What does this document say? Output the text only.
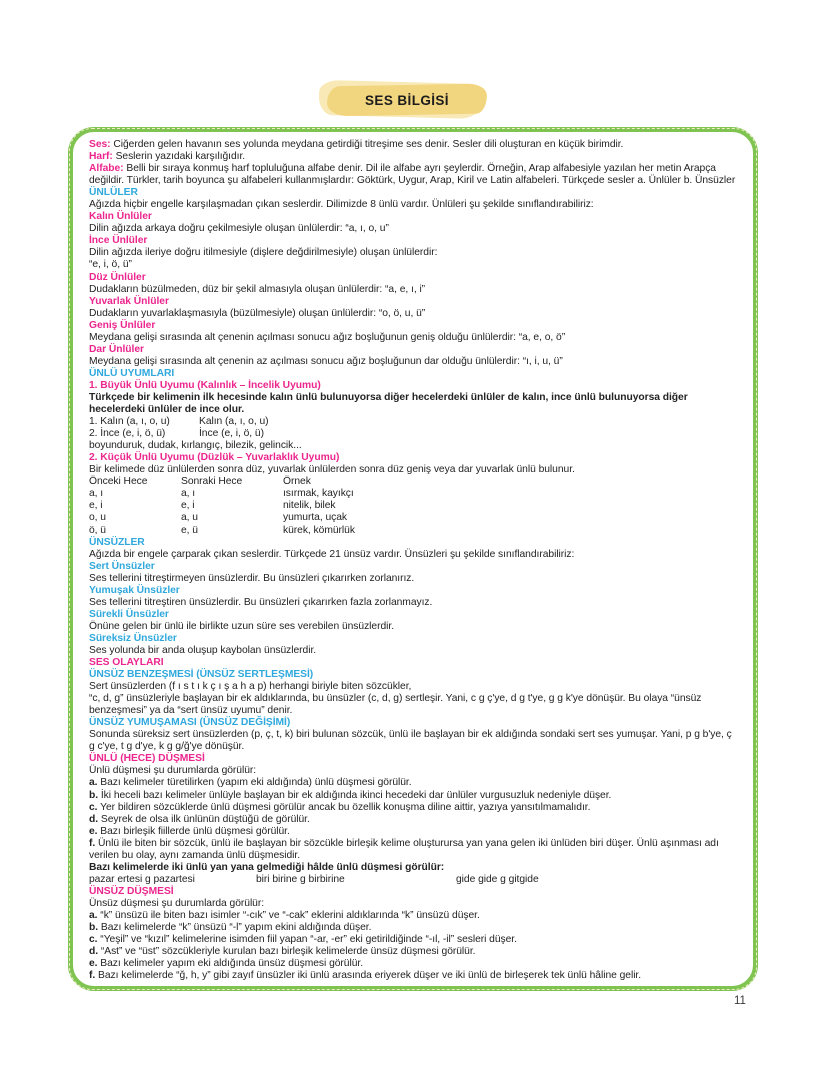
SES BİLGİSİ
Ses: Ciğerden gelen havanın ses yolunda meydana getirdiği titreşime ses denir. Sesler dili oluşturan en küçük birimdir.
Harf: Seslerin yazıdaki karşılığıdır.
Alfabe: Belli bir sıraya konmuş harf topluluğuna alfabe denir. Dil ile alfabe ayrı şeylerdir. Örneğin, Arap alfabesiyle yazılan her metin Arapça değildir. Türkler, tarih boyunca şu alfabeleri kullanmışlardır: Göktürk, Uygur, Arap, Kiril ve Latin alfabeleri. Türkçede sesler a. Ünlüler b. Ünsüzler
ÜNLÜLER
Ağızda hiçbir engelle karşılaşmadan çıkan seslerdir. Dilimizde 8 ünlü vardır. Ünlüleri şu şekilde sınıflandırabiliriz:
Kalın Ünlüler
Dilin ağızda arkaya doğru çekilmesiyle oluşan ünlülerdir: “a, ı, o, u”
İnce Ünlüler
Dilin ağızda ileriye doğru itilmesiyle (dişlere değdirilmesiyle) oluşan ünlülerdir:
“e, i, ö, ü”
Düz Ünlüler
Dudakların büzülmeden, düz bir şekil almasıyla oluşan ünlülerdir: “a, e, ı, i”
Yuvarlak Ünlüler
Dudakların yuvarlaklaşmasıyla (büzülmesiyle) oluşan ünlülerdir: “o, ö, u, ü”
Geniş Ünlüler
Meydana gelişi sırasında alt çenenin açılması sonucu ağız boşluğunun geniş olduğu ünlülerdir: “a, e, o, ö”
Dar Ünlüler
Meydana gelişi sırasında alt çenenin az açılması sonucu ağız boşluğunun dar olduğu ünlülerdir: “ı, i, u, ü”
ÜNLÜ UYUMLARI
1. Büyük Ünlü Uyumu (Kalınlık – İncelik Uyumu)
Türkçede bir kelimenin ilk hecesinde kalın ünlü bulunuyorsa diğer hecelerdeki ünlüler de kalın, ince ünlü bulunuyorsa diğer hecelerdeki ünlüler de ince olur.
1. Kalın (a, ı, o, u)	Kalın (a, ı, o, u)
2. İnce (e, i, ö, ü)	İnce (e, i, ö, ü)
boyunduruk, dudak, kırlangıç, bilezik, gelincik...
2. Küçük Ünlü Uyumu (Düzlük – Yuvarlaklık Uyumu)
Bir kelimede düz ünlülerden sonra düz, yuvarlak ünlülerden sonra düz geniş veya dar yuvarlak ünlü bulunur.
Önceki Hece	Sonraki Hece	Örnek
a, ı	a, ı	ısırmak, kayıkçı
e, i	e, i	nitelik, bilek
o, u	a, u	yumurta, uçak
ö, ü	e, ü	kürek, kömürlük
ÜNSÜZLER
Ağızda bir engele çarparak çıkan seslerdir. Türkçede 21 ünsüz vardır. Ünsüzleri şu şekilde sınıflandırabiliriz:
Sert Ünsüzler
Ses tellerini titreştirmeyen ünsüzlerdir. Bu ünsüzleri çıkarırken zorlanırız.
Yumuşak Ünsüzler
Ses tellerini titreştiren ünsüzlerdir. Bu ünsüzleri çıkarırken fazla zorlanmayız.
Sürekli Ünsüzler
Önüne gelen bir ünlü ile birlikte uzun süre ses verebilen ünsüzlerdir.
Süreksiz Ünsüzler
Ses yolunda bir anda oluşup kaybolan ünsüzlerdir.
SES OLAYLARI
ÜNSÜZ BENZEŞMESİ (ÜNSÜZ SERTLEŞMESİ)
Sert ünsüzlerden (f ı s t ı k ç ı ş a h a p) herhangi biriyle biten sözcükler,
“c, d, g” ünsüzleriyle başlayan bir ek aldıklarında, bu ünsüzler (c, d, g) sertleşir. Yani, c g ç'ye, d g t'ye, g g k'ye dönüşür. Bu olaya “ünsüz benzeşmesi” ya da “sert ünsüz uyumu” denir.
ÜNSÜZ YUMUŞAMASI (ÜNSÜZ DEĞİŞİMİ)
Sonunda süreksiz sert ünsüzlerden (p, ç, t, k) biri bulunan sözcük, ünlü ile başlayan bir ek aldığında sondaki sert ses yumuşar. Yani, p g b'ye, ç g c'ye, t g d'ye, k g g/ğ'ye dönüşür.
ÜNLÜ (HECE) DÜŞMESİ
Ünlü düşmesi şu durumlarda görülür:
a. Bazı kelimeler türetilirken (yapım eki aldığında) ünlü düşmesi görülür.
b. İki heceli bazı kelimeler ünlüyle başlayan bir ek aldığında ikinci hecedeki dar ünlüler vurgusuzluk nedeniyle düşer.
c. Yer bildiren sözcüklerde ünlü düşmesi görülür ancak bu özellik konuşma diline aittir, yazıya yansıtılmamalıdır.
d. Seyrek de olsa ilk ünlünün düştüğü de görülür.
e. Bazı birleşik fiillerde ünlü düşmesi görülür.
f. Ünlü ile biten bir sözcük, ünlü ile başlayan bir sözcükle birleşik kelime oluşturursa yan yana gelen iki ünlüden biri düşer. Ünlü aşınması adı verilen bu olay, aynı zamanda ünlü düşmesidir.
Bazı kelimelerde iki ünlü yan yana gelmediği hâlde ünlü düşmesi görülür:
pazar ertesi g pazartesi	biri birine g birbirine	gide gide g gitgide
ÜNSÜZ DÜŞMESİ
Ünsüz düşmesi şu durumlarda görülür:
a. “k” ünsüzü ile biten bazı isimler “-cık” ve “-cak” eklerini aldıklarında “k” ünsüzü düşer.
b. Bazı kelimelerde “k” ünsüzü “-l” yapım ekini aldığında düşer.
c. “Yeşil” ve “kızıl” kelimelerine isimden fiil yapan “-ar, -er” eki getirildiğinde “-ıl, -il” sesleri düşer.
d. “Ast” ve “üst” sözcükleriyle kurulan bazı birleşik kelimelerde ünsüz düşmesi görülür.
e. Bazı kelimeler yapım eki aldığında ünsüz düşmesi görülür.
f. Bazı kelimelerde “ğ, h, y” gibi zayıf ünsüzler iki ünlü arasında eriyerek düşer ve iki ünlü de birleşerek tek ünlü hâline gelir.
11
